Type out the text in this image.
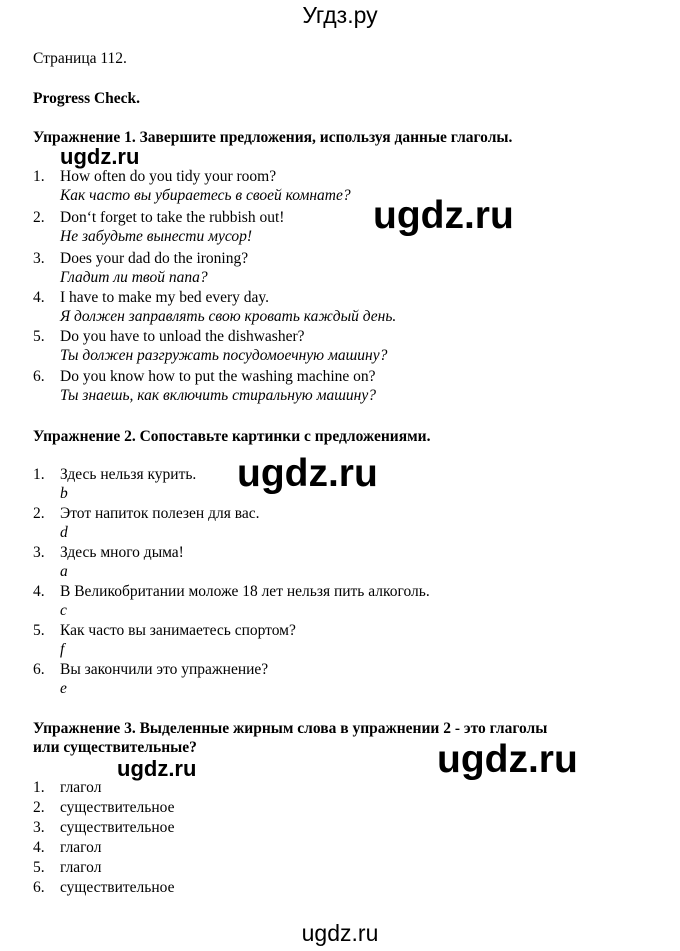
Угдз.ру
Страница 112.
Progress Check.
Упражнение 1. Завершите предложения, используя данные глаголы.
ugdz.ru
1. How often do you tidy your room?
Как часто вы убираетесь в своей комнате?
2. Don‘t forget to take the rubbish out!
Не забудьте вынести мусор!	ugdz.ru
3. Does your dad do the ironing?
Гладит ли твой папа?
4. I have to make my bed every day.
Я должен заправлять свою кровать каждый день.
5. Do you have to unload the dishwasher?
Ты должен разгружать посудомоечную машину?
6. Do you know how to put the washing machine on?
Ты знаешь, как включить стиральную машину?
Упражнение 2. Сопоставьте картинки с предложениями.
ugdz.ru
1. Здесь нельзя курить.
b
2. Этот напиток полезен для вас.
d
3. Здесь много дыма!
a
4. В Великобритании моложе 18 лет нельзя пить алкоголь.
c
5. Как часто вы занимаетесь спортом?
f
6. Вы закончили это упражнение?
e
Упражнение 3. Выделенные жирным слова в упражнении 2 - это глаголы
или существительные?
ugdz.ru	ugdz.ru
1. глагол
2. существительное
3. существительное
4. глагол
5. глагол
6. существительное
ugdz.ru
